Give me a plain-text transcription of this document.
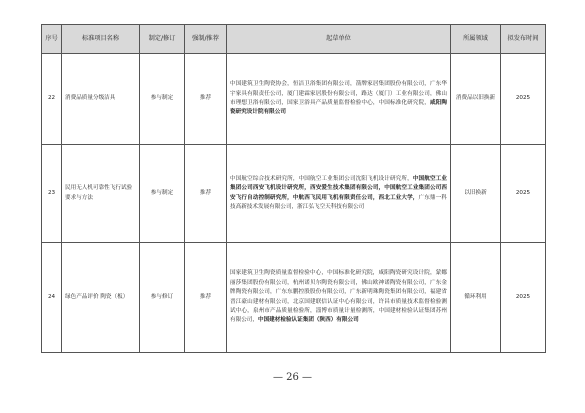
序号	标准项目名称	制定/修订	强制/推荐	起草单位	所属领域	拟发布时间
22	消费品质量分级洁具	参与制定	推荐	中国建筑卫生陶瓷协会，恒洁卫浴集团有限公司，箭牌家居集团股份有限公司，广东华宇家具有限责任公司，厦门建霖家居股份有限公司，路达（厦门）工业有限公司，佛山市理想卫浴有限公司，国家卫浴具产品质量监督检验中心，中国标准化研究院，咸阳陶瓷研究设计院有限公司	消费品以旧换新	2025
23	民用无人机可靠性飞行试验要求与方法	参与制定	推荐	中国航空综合技术研究所，中国航空工业集团公司沈阳飞机设计研究所，中国航空工业集团公司西安飞机设计研究所，西安爱生技术集团有限公司，中国航空工业集团公司西安飞行自动控制研究所，中航西飞民用飞机有限责任公司，西北工业大学，广东鼎一科技高新技术发展有限公司，浙江弘飞空天科技有限公司	以旧换新	2025
24	绿色产品评价 陶瓷（板）	参与修订	推荐	国家建筑卫生陶瓷质量监督检验中心，中国标准化研究院，咸阳陶瓷研究设计院，蒙娜丽莎集团股份有限公司，杭州诺贝尔陶瓷有限公司，佛山欧神诺陶瓷有限公司，广东金牌陶瓷有限公司，广东东鹏控股股份有限公司，广东新明珠陶瓷集团有限公司，福建省晋江豪山建材有限公司，北京国建联信认证中心有限公司，许昌市质量技术监督检验测试中心，泉州市产品质量检验所，淄博市质量计量检测所，中国建材检验认证集团苏州有限公司，中国建材检验认证集团（陕西）有限公司	循环利用	2025
— 26 —
